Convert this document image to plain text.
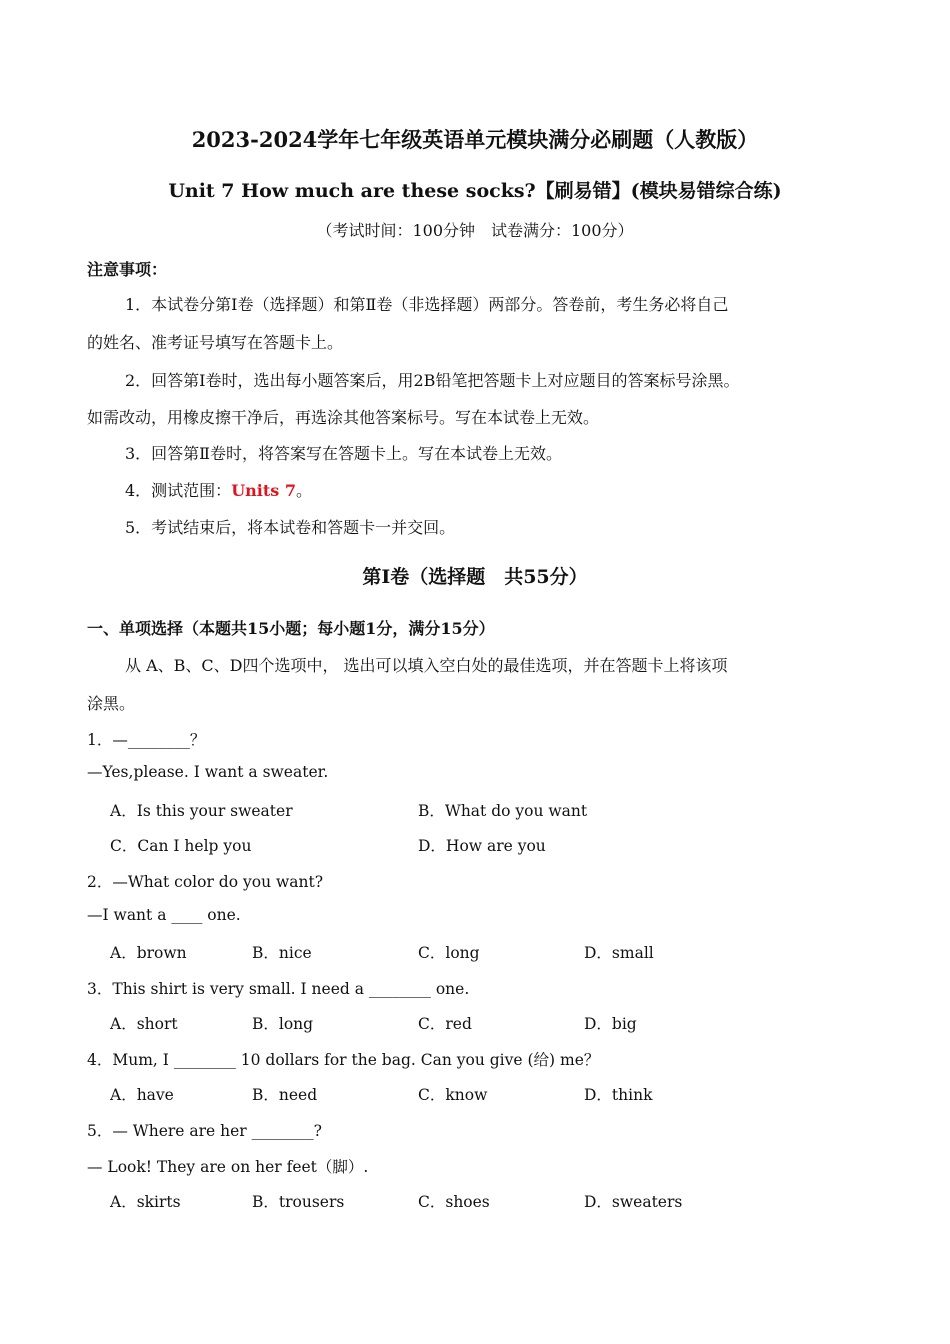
2023-2024学年七年级英语单元模块满分必刷题（人教版）
Unit 7 How much are these socks?【刷易错】(模块易错综合练)
（考试时间：100分钟　试卷满分：100分）
注意事项：
1．本试卷分第Ⅰ卷（选择题）和第Ⅱ卷（非选择题）两部分。答卷前，考生务必将自己
的姓名、准考证号填写在答题卡上。
2．回答第Ⅰ卷时，选出每小题答案后，用2B铅笔把答题卡上对应题目的答案标号涂黑。
如需改动，用橡皮擦干净后，再选涂其他答案标号。写在本试卷上无效。
3．回答第Ⅱ卷时，将答案写在答题卡上。写在本试卷上无效。
4．测试范围：Units 7。
5．考试结束后，将本试卷和答题卡一并交回。
第I卷（选择题　共55分）
一、单项选择（本题共15小题；每小题1分，满分15分）
从 A、B、C、D四个选项中， 选出可以填入空白处的最佳选项，并在答题卡上将该项
涂黑。
1．—________？
—Yes,please. I want a sweater.
A．Is this your sweater	B．What do you want
C．Can I help you	D．How are you
2．—What color do you want?
—I want a ____ one.
A．brown	B．nice	C．long	D．small
3．This shirt is very small. I need a ________ one.
A．short	B．long	C．red	D．big
4．Mum, I ________ 10 dollars for the bag. Can you give (给) me？
A．have	B．need	C．know	D．think
5．— Where are her ________?
— Look! They are on her feet（脚）.
A．skirts	B．trousers	C．shoes	D．sweaters
